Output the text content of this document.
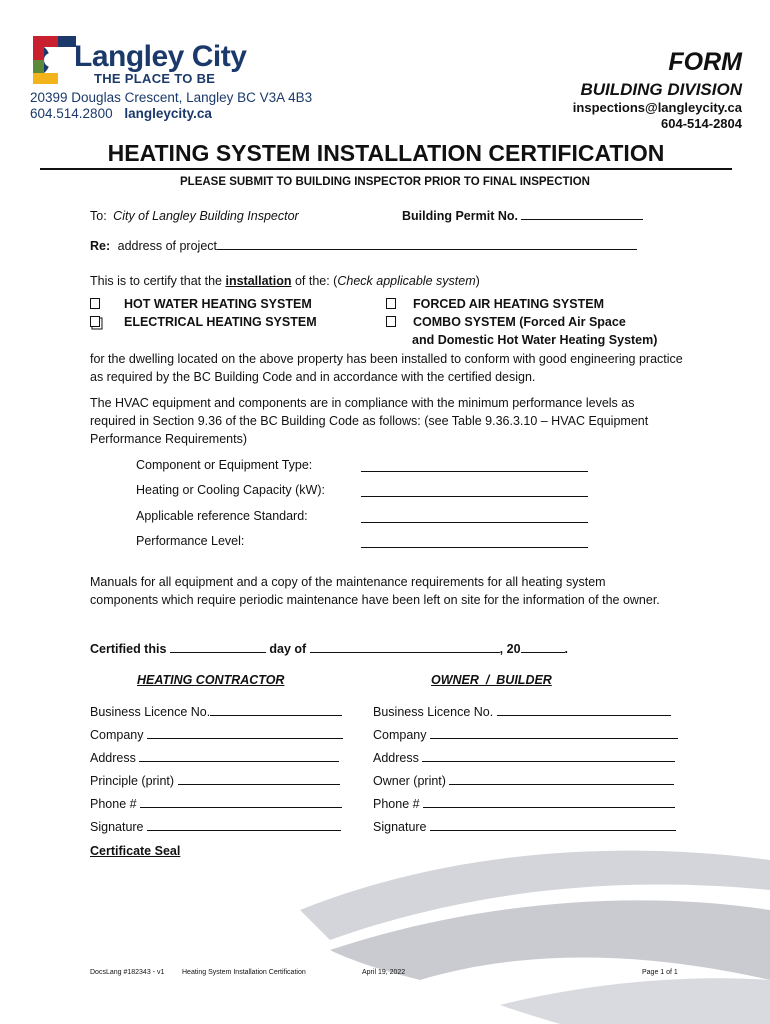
Langley City
THE PLACE TO BE
20399 Douglas Crescent, Langley BC V3A 4B3
604.514.2800 langleycity.ca
FORM
BUILDING DIVISION
inspections@langleycity.ca
604-514-2804
HEATING SYSTEM INSTALLATION CERTIFICATION
PLEASE SUBMIT TO BUILDING INSPECTOR PRIOR TO FINAL INSPECTION
To: City of Langley Building Inspector	Building Permit No.
Re: address of project
This is to certify that the installation of the: (Check applicable system)
HOT WATER HEATING SYSTEM
ELECTRICAL HEATING SYSTEM
FORCED AIR HEATING SYSTEM
COMBO SYSTEM (Forced Air Space
and Domestic Hot Water Heating System)
for the dwelling located on the above property has been installed to conform with good engineering practice as required by the BC Building Code and in accordance with the certified design.
The HVAC equipment and components are in compliance with the minimum performance levels as required in Section 9.36 of the BC Building Code as follows: (see Table 9.36.3.10 – HVAC Equipment Performance Requirements)
Component or Equipment Type:
Heating or Cooling Capacity (kW):
Applicable reference Standard:
Performance Level:
Manuals for all equipment and a copy of the maintenance requirements for all heating system components which require periodic maintenance have been left on site for the information of the owner.
Certified this	day of	, 20	.
HEATING CONTRACTOR	OWNER  /  BUILDER
Business Licence No.
Company
Address
Principle (print)
Phone #
Signature
Business Licence No.
Company
Address
Owner (print)
Phone #
Signature
Certificate Seal
DocsLang #182343 - v1	Heating System Installation Certification	April 19, 2022	Page 1 of 1
